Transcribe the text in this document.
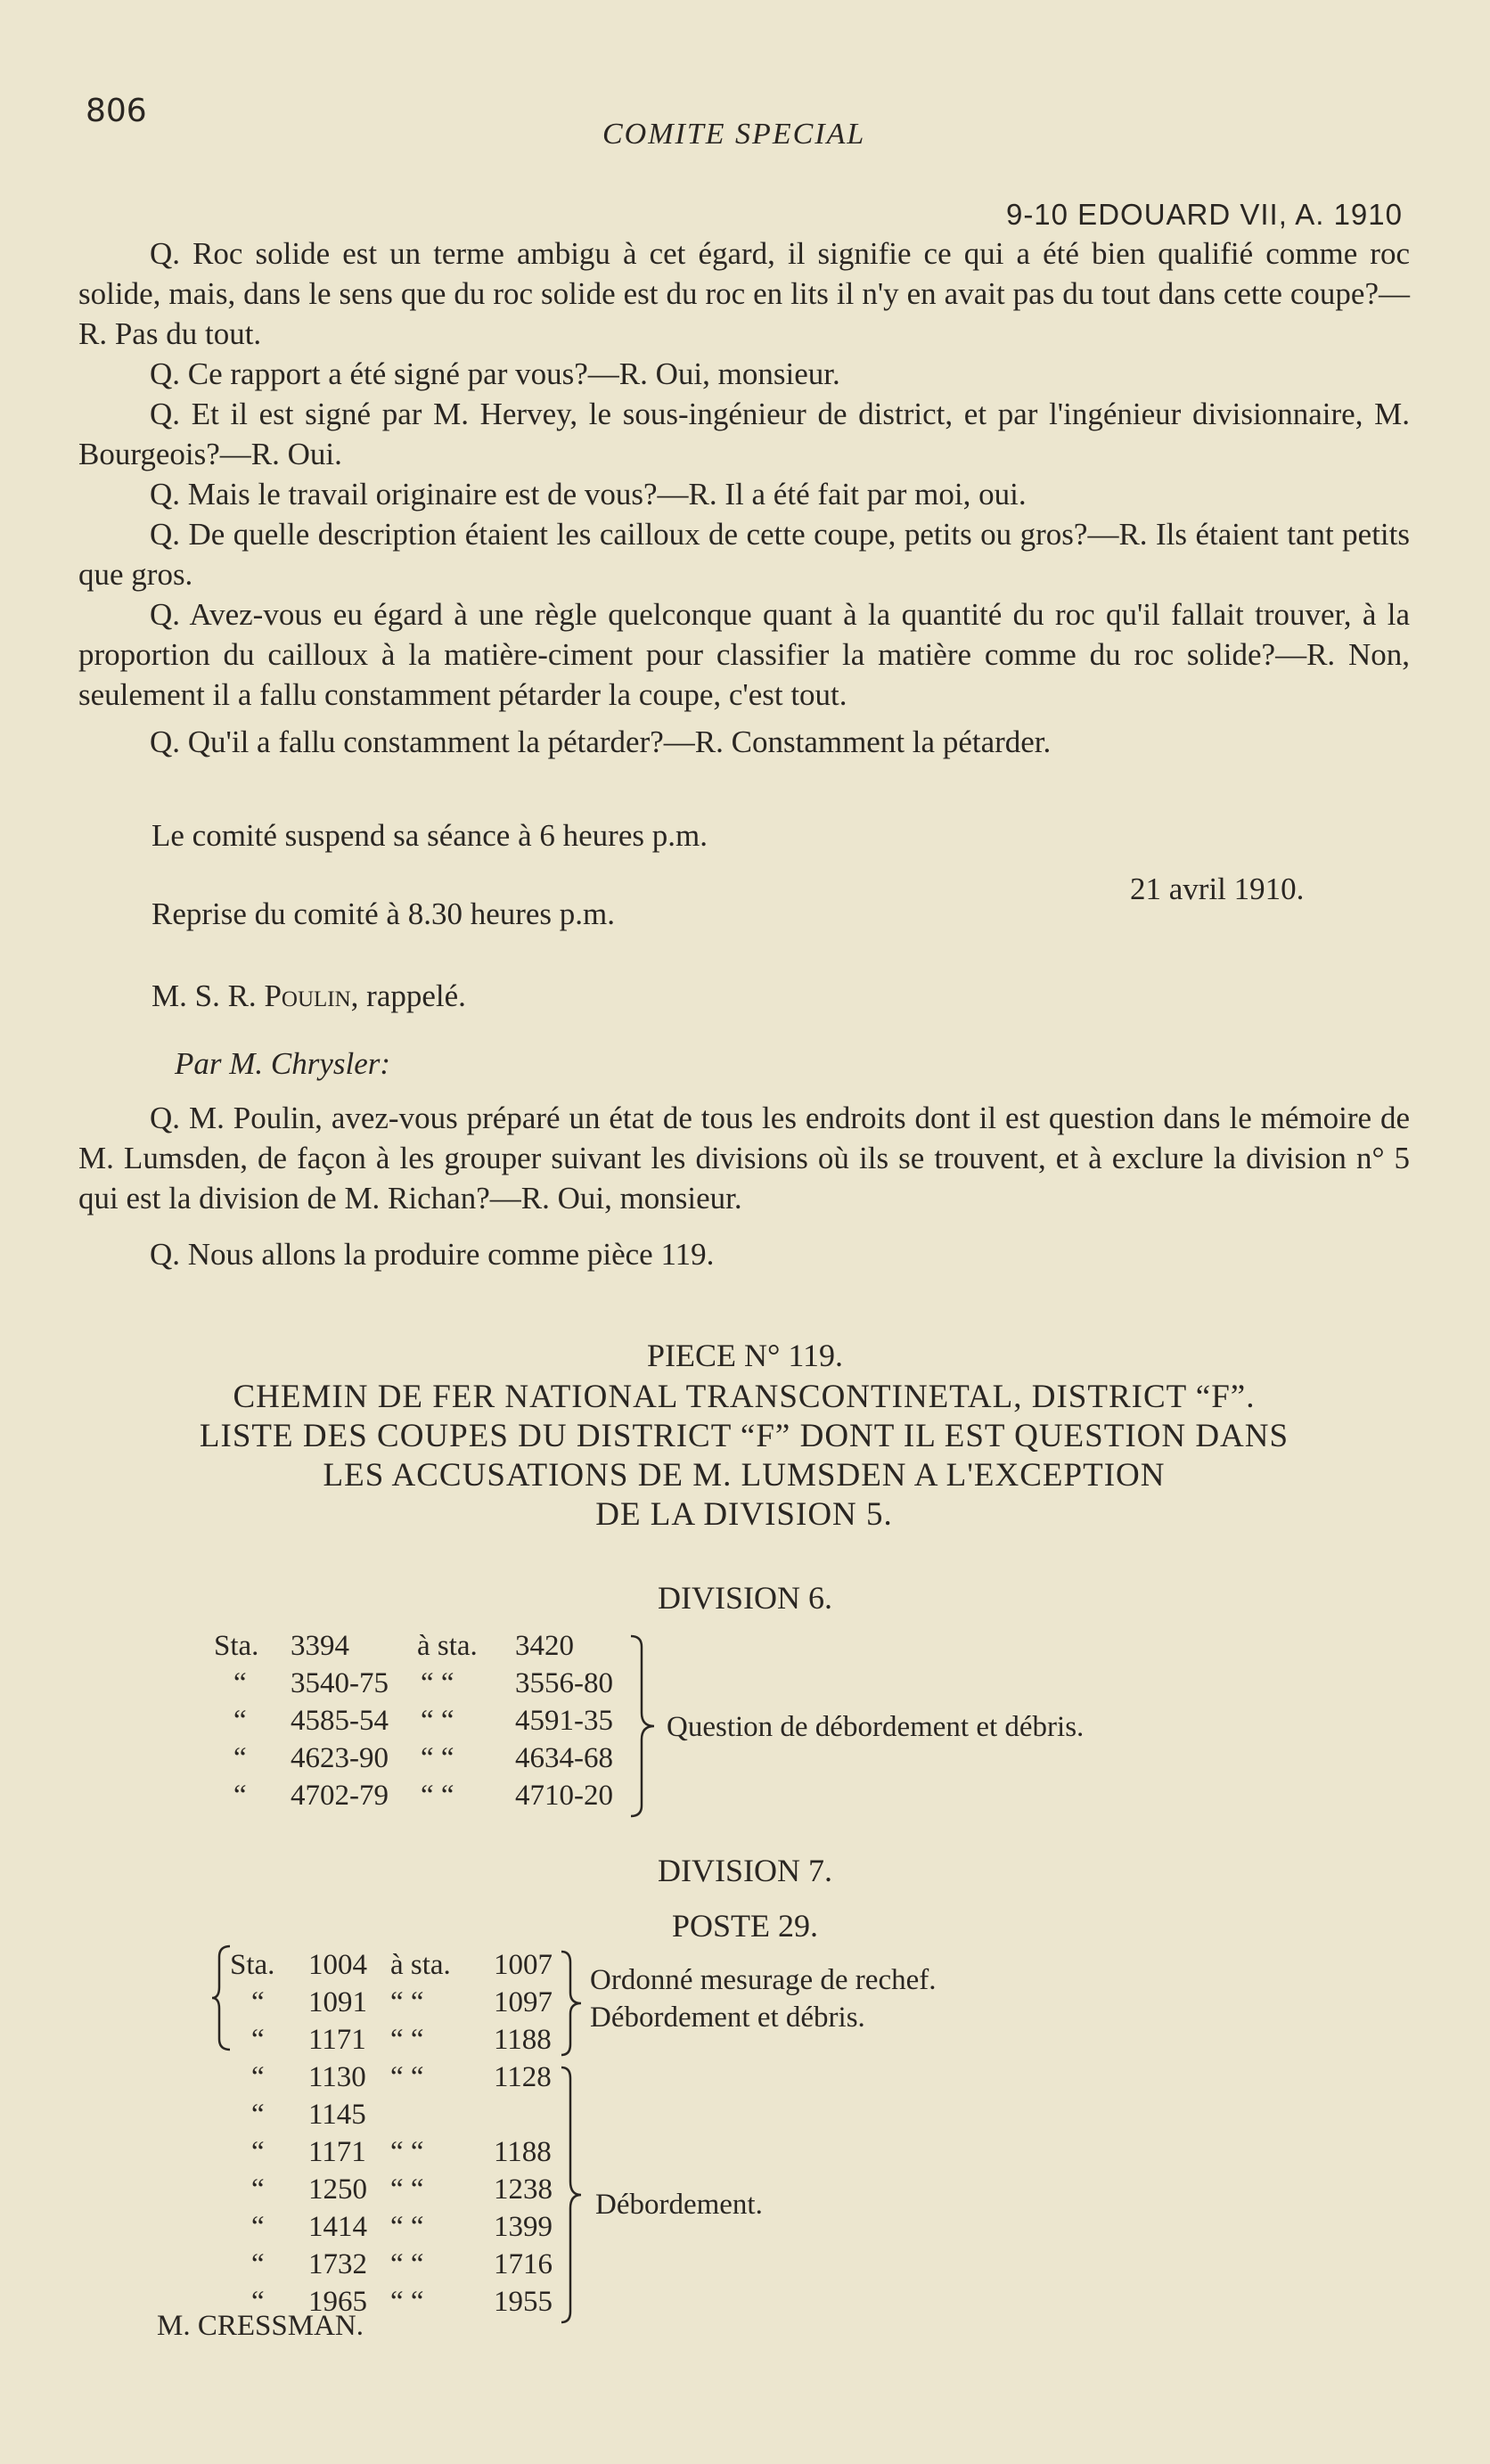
806
COMITE SPECIAL
9-10 EDOUARD VII, A. 1910

Q. Roc solide est un terme ambigu à cet égard, il signifie ce qui a été bien qualifié comme roc solide, mais, dans le sens que du roc solide est du roc en lits il n'y en avait pas du tout dans cette coupe?—R. Pas du tout.

Q. Ce rapport a été signé par vous?—R. Oui, monsieur.

Q. Et il est signé par M. Hervey, le sous-ingénieur de district, et par l'ingénieur divisionnaire, M. Bourgeois?—R. Oui.

Q. Mais le travail originaire est de vous?—R. Il a été fait par moi, oui.

Q. De quelle description étaient les cailloux de cette coupe, petits ou gros?—R. Ils étaient tant petits que gros.

Q. Avez-vous eu égard à une règle quelconque quant à la quantité du roc qu'il fallait trouver, à la proportion du cailloux à la matière-ciment pour classifier la matière comme du roc solide?—R. Non, seulement il a fallu constamment pétarder la coupe, c'est tout.

Q. Qu'il a fallu constamment la pétarder?—R. Constamment la pétarder.

Le comité suspend sa séance à 6 heures p.m.
21 avril 1910.
Reprise du comité à 8.30 heures p.m.
M. S. R. Poulin, rappelé.
Par M. Chrysler:

Q. M. Poulin, avez-vous préparé un état de tous les endroits dont il est question dans le mémoire de M. Lumsden, de façon à les grouper suivant les divisions où ils se trouvent, et à exclure la division n° 5 qui est la division de M. Richan?—R. Oui, monsieur.

Q. Nous allons la produire comme pièce 119.

PIECE N° 119.
CHEMIN DE FER NATIONAL TRANSCONTINETAL, DISTRICT “F”.
LISTE DES COUPES DU DISTRICT “F” DONT IL EST QUESTION DANS
LES ACCUSATIONS DE M. LUMSDEN A L'EXCEPTION
DE LA DIVISION 5.
DIVISION 6.
Sta. 3394 à sta. 3420
“ 3540-75 “ “ 3556-80
“ 4585-54 “ “ 4591-35
“ 4623-90 “ “ 4634-68
“ 4702-79 “ “ 4710-20
Question de débordement et débris.
DIVISION 7.
POSTE 29.
Sta. 1004 à sta. 1007
“ 1091 “ “ 1097
“ 1171 “ “ 1188
Ordonné mesurage de rechef.
Débordement et débris.
“ 1130 “ “ 1128
“ 1145
“ 1171 “ “ 1188
“ 1250 “ “ 1238
“ 1414 “ “ 1399
“ 1732 “ “ 1716
“ 1965 “ “ 1955
Débordement.
M. CRESSMAN.
